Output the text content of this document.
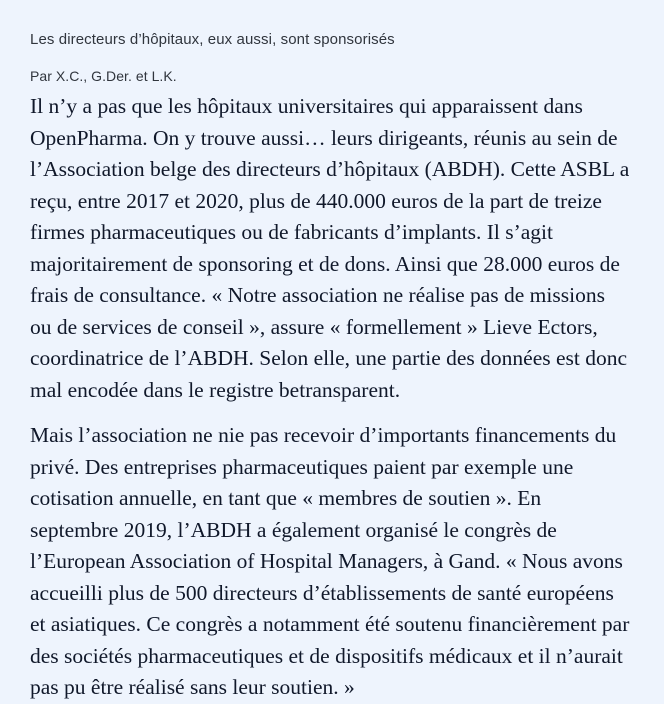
Les directeurs d’hôpitaux, eux aussi, sont sponsorisés
Par X.C., G.Der. et L.K.

Il n’y a pas que les hôpitaux universitaires qui apparaissent dans OpenPharma. On y trouve aussi… leurs dirigeants, réunis au sein de l’Association belge des directeurs d’hôpitaux (ABDH). Cette ASBL a reçu, entre 2017 et 2020, plus de 440.000 euros de la part de treize firmes pharmaceutiques ou de fabricants d’implants. Il s’agit majoritairement de sponsoring et de dons. Ainsi que 28.000 euros de frais de consultance. « Notre association ne réalise pas de missions ou de services de conseil », assure « formellement » Lieve Ectors, coordinatrice de l’ABDH. Selon elle, une partie des données est donc mal encodée dans le registre betransparent.

Mais l’association ne nie pas recevoir d’importants financements du privé. Des entreprises pharmaceutiques paient par exemple une cotisation annuelle, en tant que « membres de soutien ». En septembre 2019, l’ABDH a également organisé le congrès de l’European Association of Hospital Managers, à Gand. « Nous avons accueilli plus de 500 directeurs d’établissements de santé européens et asiatiques. Ce congrès a notamment été soutenu financièrement par des sociétés pharmaceutiques et de dispositifs médicaux et il n’aurait pas pu être réalisé sans leur soutien. »
